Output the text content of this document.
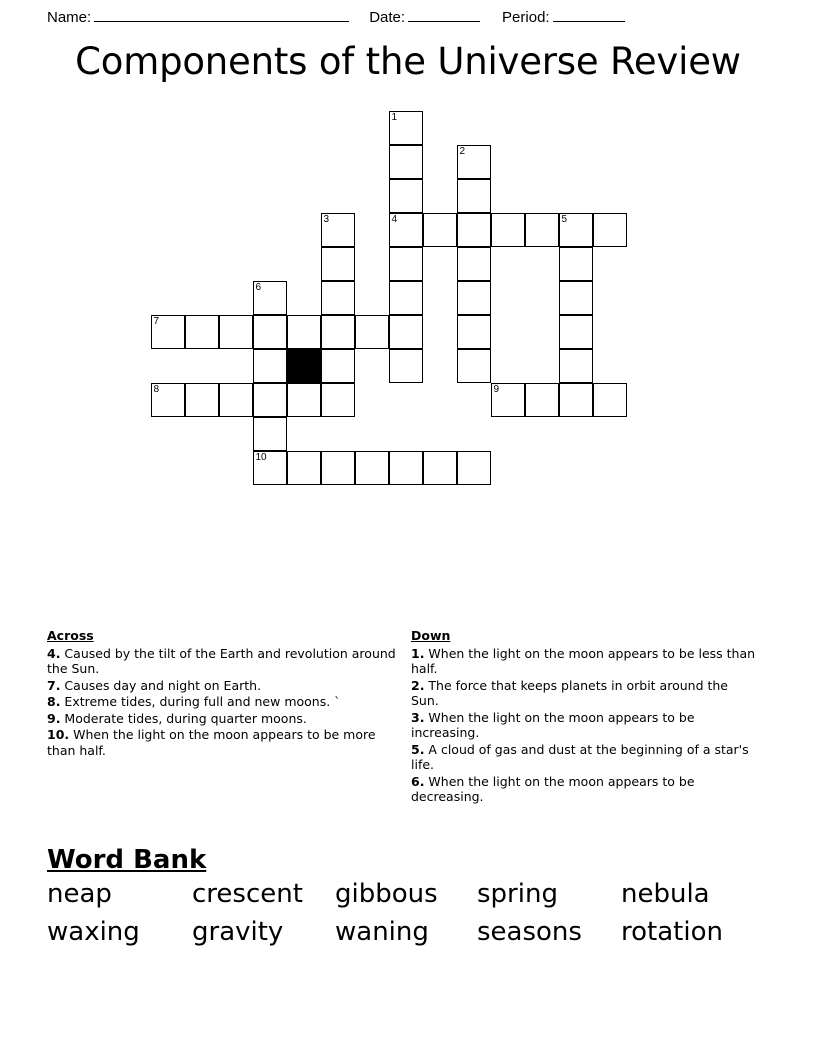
Name:	Date:	Period:
Components of the Universe Review
1
4
2
3	5
6
10
7
8	9
Across
4. Caused by the tilt of the Earth and revolution around the Sun.
7. Causes day and night on Earth.
8. Extreme tides, during full and new moons. `
9. Moderate tides, during quarter moons.
10. When the light on the moon appears to be more than half.
Down
1. When the light on the moon appears to be less than half.
2. The force that keeps planets in orbit around the Sun.
3. When the light on the moon appears to be increasing.
5. A cloud of gas and dust at the beginning of a star's life.
6. When the light on the moon appears to be decreasing.
Word Bank
neap	crescent gibbous spring nebula
waxing gravity waning seasons rotation
